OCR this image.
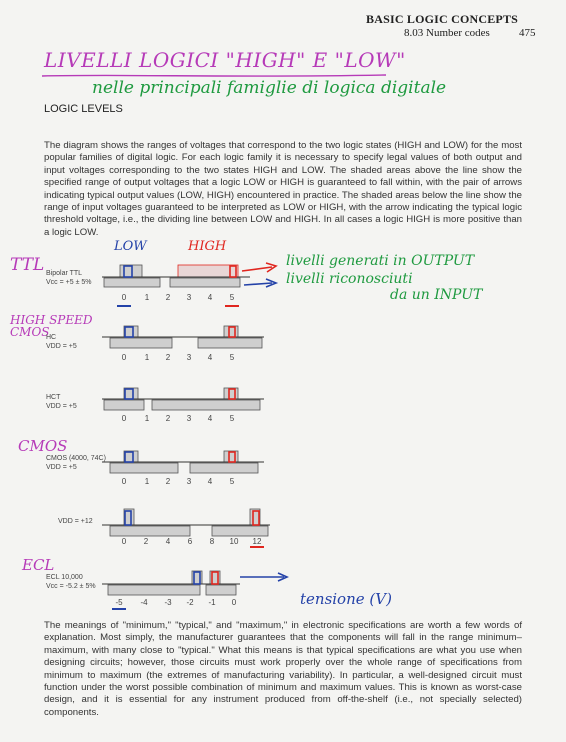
BASIC LOGIC CONCEPTS
8.03 Number codes	475
LIVELLI LOGICI "HIGH" E "LOW"
nelle principali famiglie di logica digitale
LOGIC LEVELS
The diagram shows the ranges of voltages that correspond to the two logic states (HIGH and LOW) for the most popular families of digital logic. For each logic family it is necessary to specify legal values of both output and input voltages corresponding to the two states HIGH and LOW. The shaded areas above the line show the specified range of output voltages that a logic LOW or HIGH is guaranteed to fall within, with the pair of arrows indicating typical output values (LOW, HIGH) encountered in practice. The shaded areas below the line show the range of input voltages guaranteed to be interpreted as LOW or HIGH, with the arrow indicating the typical logic threshold voltage, i.e., the dividing line between LOW and HIGH. In all cases a logic HIGH is more positive than a logic LOW.
LOW	HIGH
TTL
HIGH SPEED
CMOS
CMOS
ECL
livelli generati in OUTPUT
livelli riconosciuti
da un INPUT
tensione (V)
Bipolar TTL
Vcc = +5 ± 5%
HC
VDD = +5
HCT
VDD = +5
CMOS (4000, 74C)
VDD = +5
VDD = +12
ECL 10,000
Vcc = -5.2 ± 5%
0 1 2 3 4 5
0 1 2 3 4 5
0 1 2 3 4 5
0 1 2 3 4 5
0 2 4 6 8 10 12
-5 -4 -3 -2 -1 0
The meanings of "minimum," "typical," and "maximum," in electronic specifications are worth a few words of explanation. Most simply, the manufacturer guarantees that the components will fall in the range minimum–maximum, with many close to "typical." What this means is that typical specifications are what you use when designing circuits; however, those circuits must work properly over the whole range of specifications from minimum to maximum (the extremes of manufacturing variability). In particular, a well-designed circuit must function under the worst possible combination of minimum and maximum values. This is known as worst-case design, and it is essential for any instrument produced from off-the-shelf (i.e., not specially selected) components.
